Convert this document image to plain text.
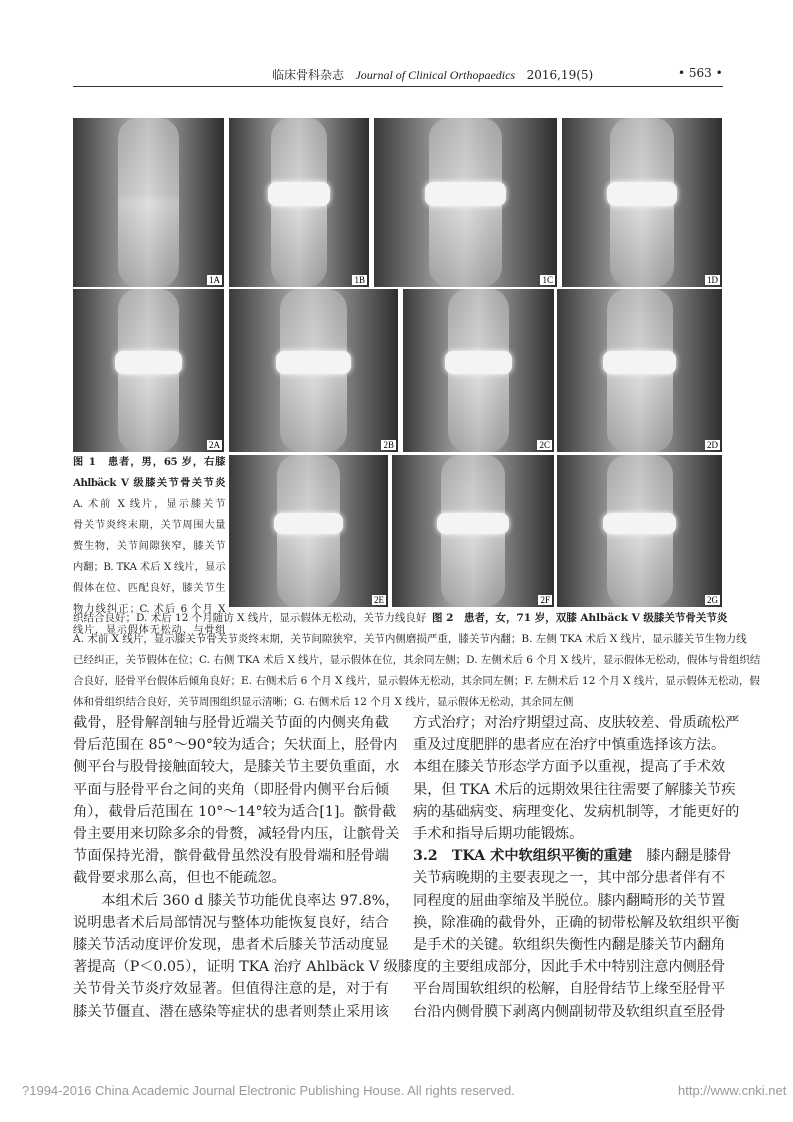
临床骨科杂志 Journal of Clinical Orthopaedics 2016,19(5)	• 563 •
1A	1B	1C	1D
2A	2B	2C	2D
2E	2F	2G
图 1　患者，男，65 岁，右膝
Ahlbäck V 级膝关节骨关节炎
A. 术前 X 线片，显示膝关节
骨关节炎终末期，关节周围大量
赘生物，关节间隙狭窄，膝关节
内翻；B. TKA 术后 X 线片，显示
假体在位、匹配良好，膝关节生
物力线纠正；C. 术后 6 个月 X
线片，显示假体无松动、与骨组
织结合良好；D. 术后 12 个月随访 X 线片，显示假体无松动，关节力线良好 图 2　患者，女，71 岁，双膝 Ahlbäck V 级膝关节骨关节炎
A. 术前 X 线片，显示膝关节骨关节炎终末期，关节间隙狭窄，关节内侧磨损严重，膝关节内翻；B. 左侧 TKA 术后 X 线片，显示膝关节生物力线
已经纠正，关节假体在位；C. 右侧 TKA 术后 X 线片，显示假体在位，其余同左侧；D. 左侧术后 6 个月 X 线片，显示假体无松动，假体与骨组织结
合良好，胫骨平台假体后倾角良好；E. 右侧术后 6 个月 X 线片，显示假体无松动，其余同左侧；F. 左侧术后 12 个月 X 线片，显示假体无松动，假
体和骨组织结合良好，关节周围组织显示清晰；G. 右侧术后 12 个月 X 线片，显示假体无松动，其余同左侧
截骨，胫骨解剖轴与胫骨近端关节面的内侧夹角截
骨后范围在 85°～90°较为适合；矢状面上，胫骨内
侧平台与股骨接触面较大，是膝关节主要负重面，水
平面与胫骨平台之间的夹角（即胫骨内侧平台后倾
角），截骨后范围在 10°～14°较为适合[1]。髌骨截
骨主要用来切除多余的骨赘，减轻骨内压，让髌骨关
节面保持光滑，髌骨截骨虽然没有股骨端和胫骨端
截骨要求那么高，但也不能疏忽。
本组术后 360 d 膝关节功能优良率达 97.8%，
说明患者术后局部情况与整体功能恢复良好，结合
膝关节活动度评价发现，患者术后膝关节活动度显
著提高（P＜0.05），证明 TKA 治疗 Ahlbäck V 级膝
关节骨关节炎疗效显著。但值得注意的是，对于有
膝关节僵直、潜在感染等症状的患者则禁止采用该
方式治疗；对治疗期望过高、皮肤较差、骨质疏松严
重及过度肥胖的患者应在治疗中慎重选择该方法。
本组在膝关节形态学方面予以重视，提高了手术效
果，但 TKA 术后的远期效果往往需要了解膝关节疾
病的基础病变、病理变化、发病机制等，才能更好的
手术和指导后期功能锻炼。
3.2　TKA 术中软组织平衡的重建　膝内翻是膝骨
关节病晚期的主要表现之一，其中部分患者伴有不
同程度的屈曲挛缩及半脱位。膝内翻畸形的关节置
换，除准确的截骨外，正确的韧带松解及软组织平衡
是手术的关键。软组织失衡性内翻是膝关节内翻角
度的主要组成部分，因此手术中特别注意内侧胫骨
平台周围软组织的松解，自胫骨结节上缘至胫骨平
台沿内侧骨膜下剥离内侧副韧带及软组织直至胫骨
?1994-2016 China Academic Journal Electronic Publishing House. All rights reserved.	http://www.cnki.net
